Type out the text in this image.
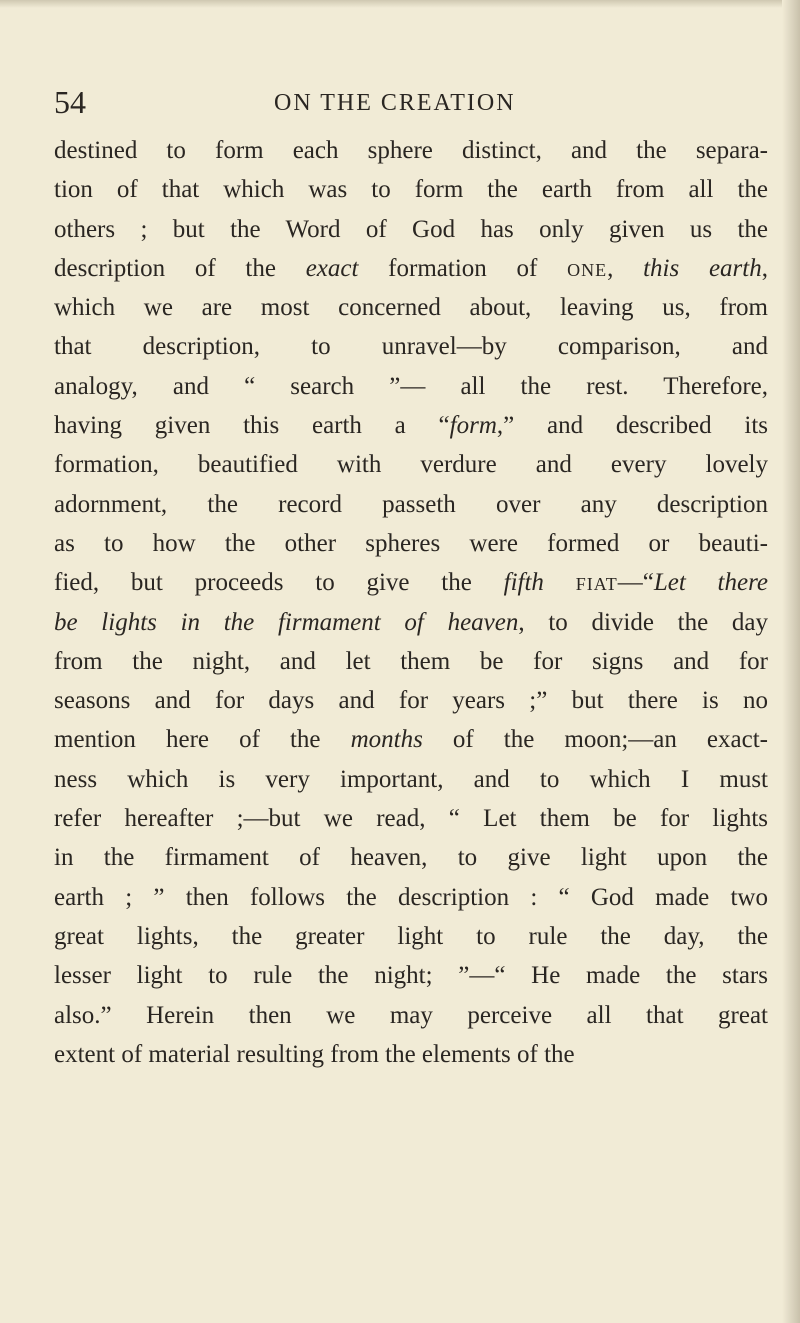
54	ON THE CREATION
destined to form each sphere distinct, and the separa-
tion of that which was to form the earth from all the
others ; but the Word of God has only given us the
description of the exact formation of one, this earth,
which we are most concerned about, leaving us, from
that description, to unravel—by comparison, and
analogy, and “ search ”— all the rest. Therefore,
having given this earth a “form,” and described its
formation, beautified with verdure and every lovely
adornment, the record passeth over any description
as to how the other spheres were formed or beauti-
fied, but proceeds to give the fifth fiat—“Let there
be lights in the firmament of heaven, to divide the day
from the night, and let them be for signs and for
seasons and for days and for years ;” but there is no
mention here of the months of the moon;—an exact-
ness which is very important, and to which I must
refer hereafter ;—but we read, “ Let them be for lights
in the firmament of heaven, to give light upon the
earth ; ” then follows the description : “ God made two
great lights, the greater light to rule the day, the
lesser light to rule the night; ”—“ He made the stars
also.” Herein then we may perceive all that great
extent of material resulting from the elements of the
